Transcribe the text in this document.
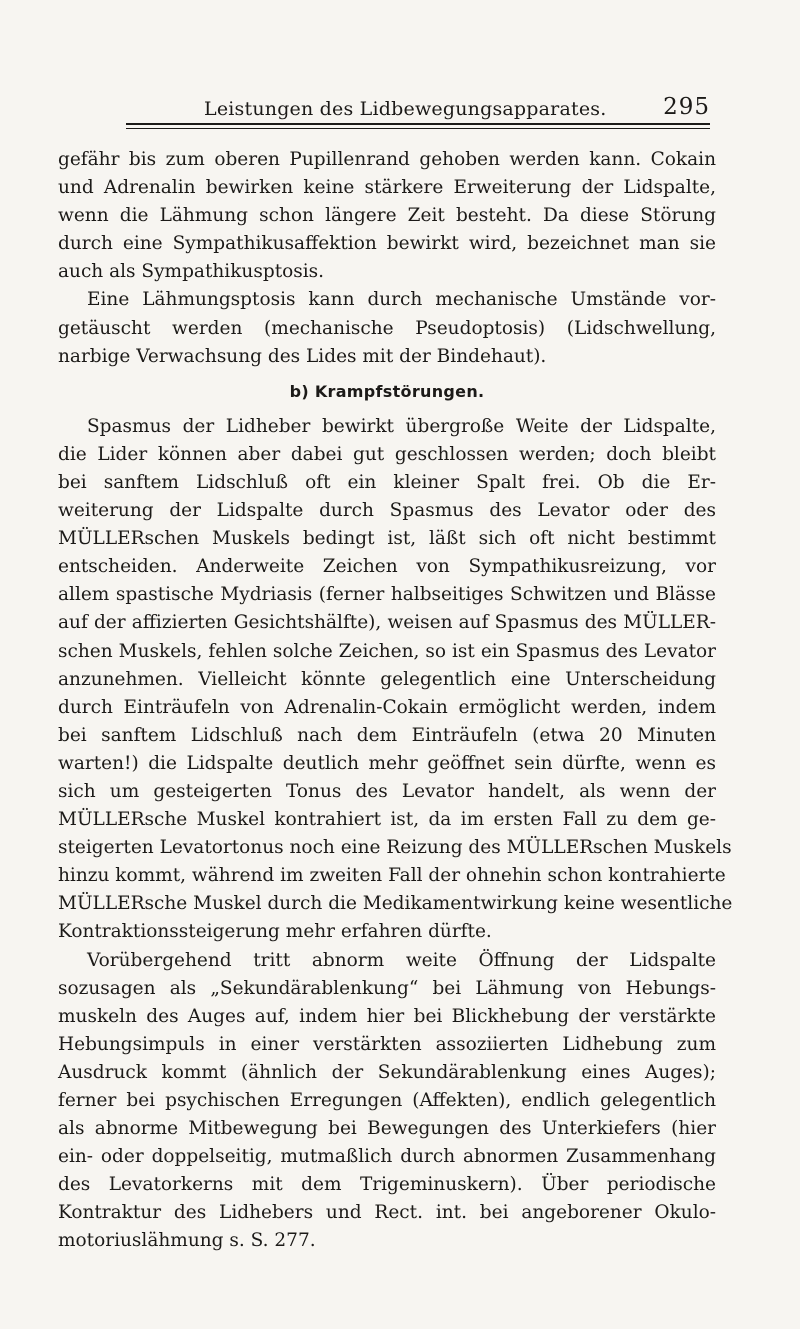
Leistungen des Lidbewegungsapparates. 295
gefähr bis zum oberen Pupillenrand gehoben werden kann. Cokain
und Adrenalin bewirken keine stärkere Erweiterung der Lidspalte,
wenn die Lähmung schon längere Zeit besteht. Da diese Störung
durch eine Sympathikusaffektion bewirkt wird, bezeichnet man sie
auch als Sympathikusptosis.
Eine Lähmungsptosis kann durch mechanische Umstände vor-
getäuscht werden (mechanische Pseudoptosis) (Lidschwellung,
narbige Verwachsung des Lides mit der Bindehaut).
b) Krampfstörungen.
Spasmus der Lidheber bewirkt übergroße Weite der Lidspalte,
die Lider können aber dabei gut geschlossen werden; doch bleibt
bei sanftem Lidschluß oft ein kleiner Spalt frei. Ob die Er-
weiterung der Lidspalte durch Spasmus des Levator oder des
MÜLLERschen Muskels bedingt ist, läßt sich oft nicht bestimmt
entscheiden. Anderweite Zeichen von Sympathikusreizung, vor
allem spastische Mydriasis (ferner halbseitiges Schwitzen und Blässe
auf der affizierten Gesichtshälfte), weisen auf Spasmus des MÜLLER-
schen Muskels, fehlen solche Zeichen, so ist ein Spasmus des Levator
anzunehmen. Vielleicht könnte gelegentlich eine Unterscheidung
durch Einträufeln von Adrenalin-Cokain ermöglicht werden, indem
bei sanftem Lidschluß nach dem Einträufeln (etwa 20 Minuten
warten!) die Lidspalte deutlich mehr geöffnet sein dürfte, wenn es
sich um gesteigerten Tonus des Levator handelt, als wenn der
MÜLLERsche Muskel kontrahiert ist, da im ersten Fall zu dem ge-
steigerten Levatortonus noch eine Reizung des MÜLLERschen Muskels
hinzu kommt, während im zweiten Fall der ohnehin schon kontrahierte
MÜLLERsche Muskel durch die Medikamentwirkung keine wesentliche
Kontraktionssteigerung mehr erfahren dürfte.
Vorübergehend tritt abnorm weite Öffnung der Lidspalte
sozusagen als „Sekundärablenkung“ bei Lähmung von Hebungs-
muskeln des Auges auf, indem hier bei Blickhebung der verstärkte
Hebungsimpuls in einer verstärkten assoziierten Lidhebung zum
Ausdruck kommt (ähnlich der Sekundärablenkung eines Auges);
ferner bei psychischen Erregungen (Affekten), endlich gelegentlich
als abnorme Mitbewegung bei Bewegungen des Unterkiefers (hier
ein- oder doppelseitig, mutmaßlich durch abnormen Zusammenhang
des Levatorkerns mit dem Trigeminuskern). Über periodische
Kontraktur des Lidhebers und Rect. int. bei angeborener Okulo-
motoriuslähmung s. S. 277.
